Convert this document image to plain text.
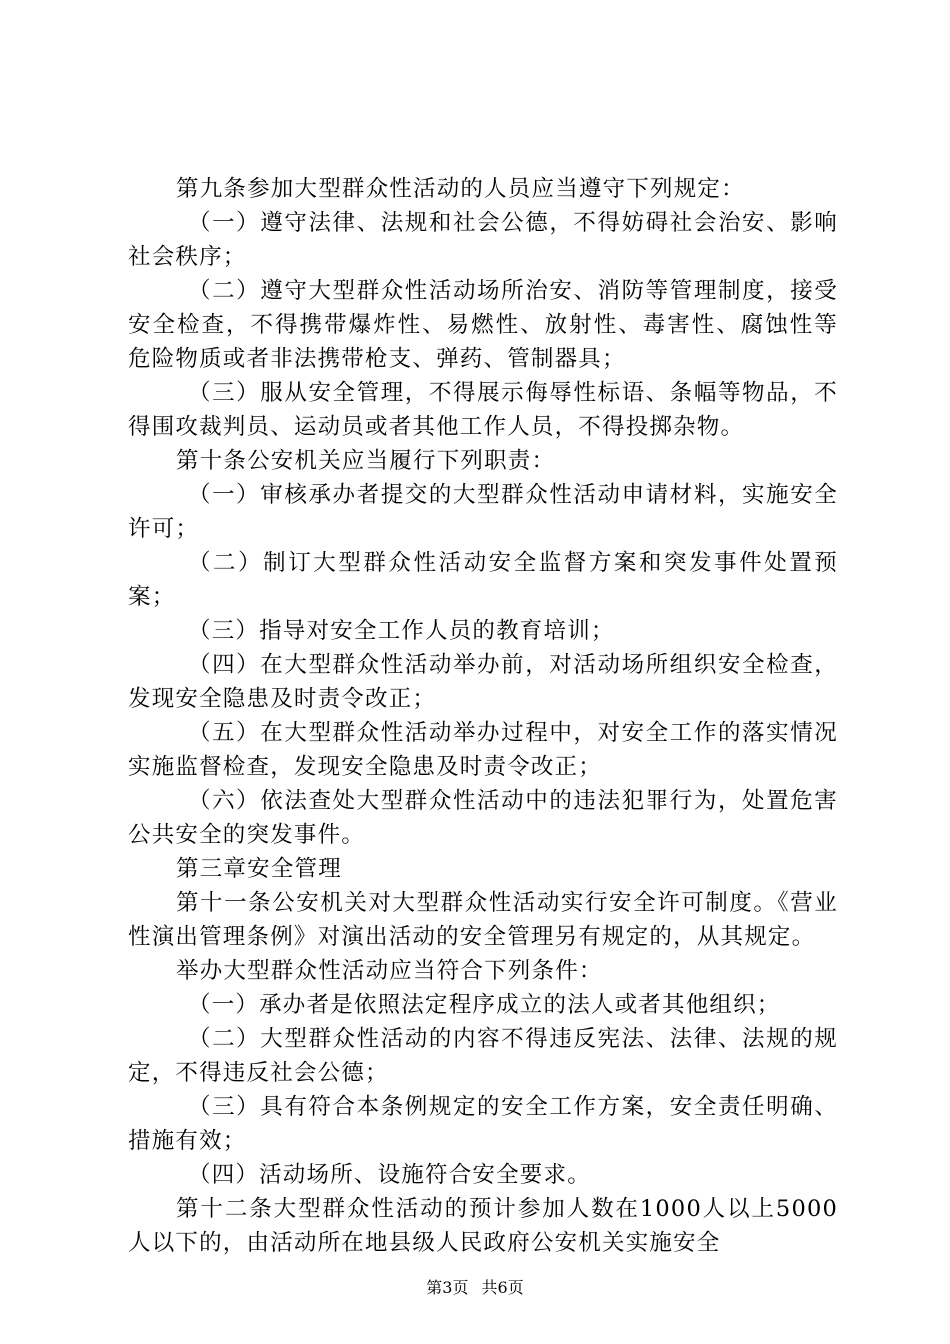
第九条参加大型群众性活动的人员应当遵守下列规定：

（一）遵守法律、法规和社会公德，不得妨碍社会治安、影响社会秩序；

（二）遵守大型群众性活动场所治安、消防等管理制度，接受安全检查，不得携带爆炸性、易燃性、放射性、毒害性、腐蚀性等危险物质或者非法携带枪支、弹药、管制器具；

（三）服从安全管理，不得展示侮辱性标语、条幅等物品，不得围攻裁判员、运动员或者其他工作人员，不得投掷杂物。

第十条公安机关应当履行下列职责：

（一）审核承办者提交的大型群众性活动申请材料，实施安全许可；

（二）制订大型群众性活动安全监督方案和突发事件处置预案；

（三）指导对安全工作人员的教育培训；

（四）在大型群众性活动举办前，对活动场所组织安全检查，发现安全隐患及时责令改正；

（五）在大型群众性活动举办过程中，对安全工作的落实情况实施监督检查，发现安全隐患及时责令改正；

（六）依法查处大型群众性活动中的违法犯罪行为，处置危害公共安全的突发事件。

第三章安全管理

第十一条公安机关对大型群众性活动实行安全许可制度。《营业性演出管理条例》对演出活动的安全管理另有规定的，从其规定。

举办大型群众性活动应当符合下列条件：

（一）承办者是依照法定程序成立的法人或者其他组织；

（二）大型群众性活动的内容不得违反宪法、法律、法规的规定，不得违反社会公德；

（三）具有符合本条例规定的安全工作方案，安全责任明确、措施有效；

（四）活动场所、设施符合安全要求。

第十二条大型群众性活动的预计参加人数在1000人以上5000人以下的，由活动所在地县级人民政府公安机关实施安全

第3页 共6页
